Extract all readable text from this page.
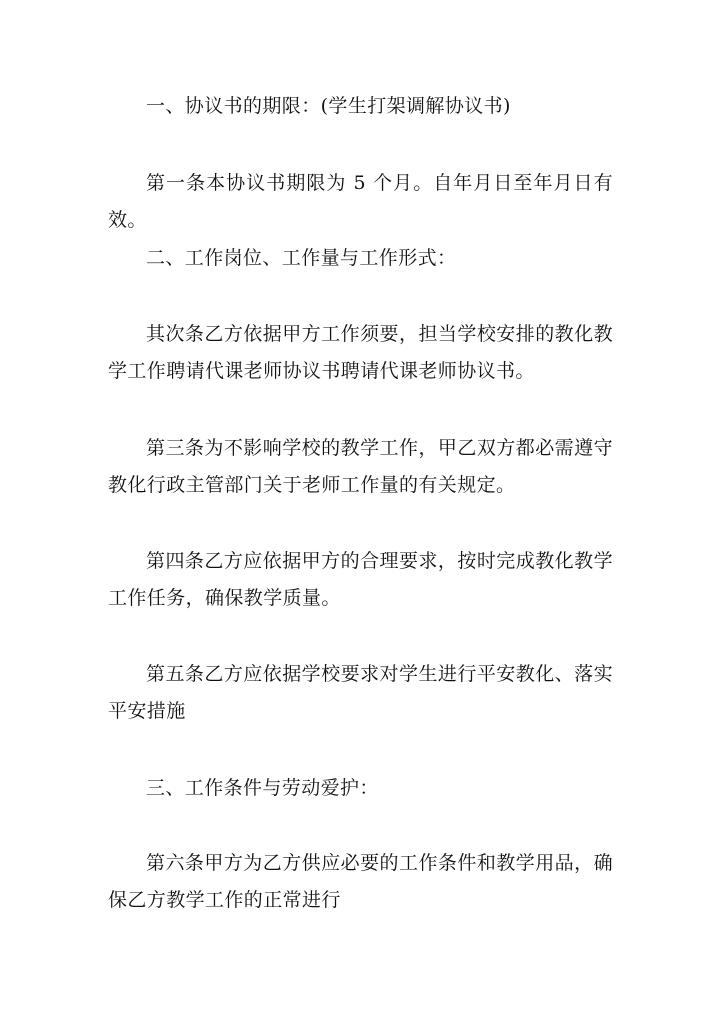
一、协议书的期限：(学生打架调解协议书)

第一条本协议书期限为 5 个月。自年月日至年月日有效。

二、工作岗位、工作量与工作形式：

其次条乙方依据甲方工作须要，担当学校安排的教化教学工作聘请代课老师协议书聘请代课老师协议书。

第三条为不影响学校的教学工作，甲乙双方都必需遵守教化行政主管部门关于老师工作量的有关规定。

第四条乙方应依据甲方的合理要求，按时完成教化教学工作任务，确保教学质量。

第五条乙方应依据学校要求对学生进行平安教化、落实平安措施

三、工作条件与劳动爱护：

第六条甲方为乙方供应必要的工作条件和教学用品，确保乙方教学工作的正常进行
